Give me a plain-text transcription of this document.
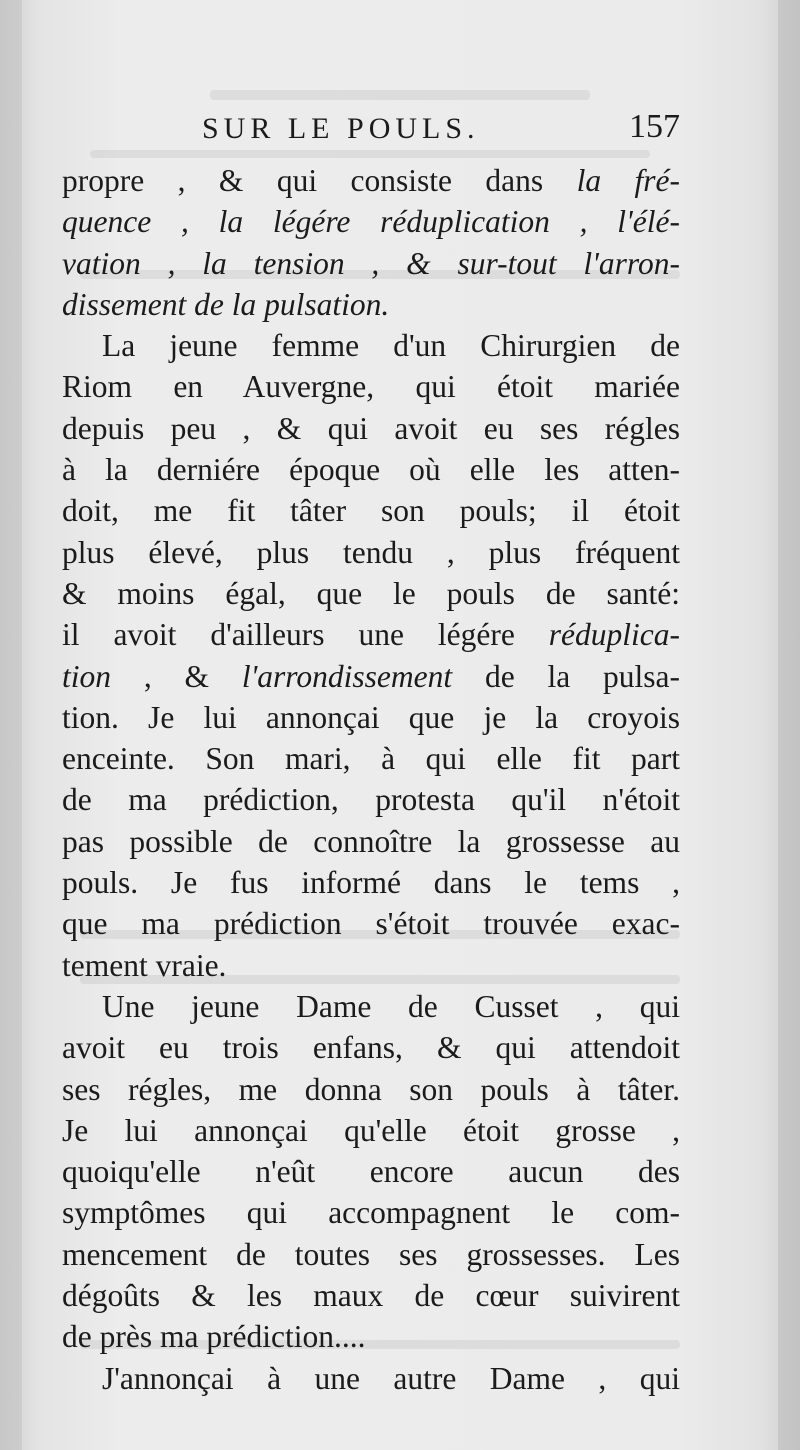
SUR LE POULS.	157
propre , & qui consiste dans la fré-
quence , la légére réduplication , l'élé-
vation , la tension , & sur-tout l'arron-
dissement de la pulsation.
La jeune femme d'un Chirurgien de
Riom en Auvergne, qui étoit mariée
depuis peu , & qui avoit eu ses régles
à la derniére époque où elle les atten-
doit, me fit tâter son pouls; il étoit
plus élevé, plus tendu , plus fréquent
& moins égal, que le pouls de santé:
il avoit d'ailleurs une légére réduplica-
tion , & l'arrondissement de la pulsa-
tion. Je lui annonçai que je la croyois
enceinte. Son mari, à qui elle fit part
de ma prédiction, protesta qu'il n'étoit
pas possible de connoître la grossesse au
pouls. Je fus informé dans le tems ,
que ma prédiction s'étoit trouvée exac-
tement vraie.
Une jeune Dame de Cusset , qui
avoit eu trois enfans, & qui attendoit
ses régles, me donna son pouls à tâter.
Je lui annonçai qu'elle étoit grosse ,
quoiqu'elle n'eût encore aucun des
symptômes qui accompagnent le com-
mencement de toutes ses grossesses. Les
dégoûts & les maux de cœur suivirent
de près ma prédiction....
J'annonçai à une autre Dame , qui
